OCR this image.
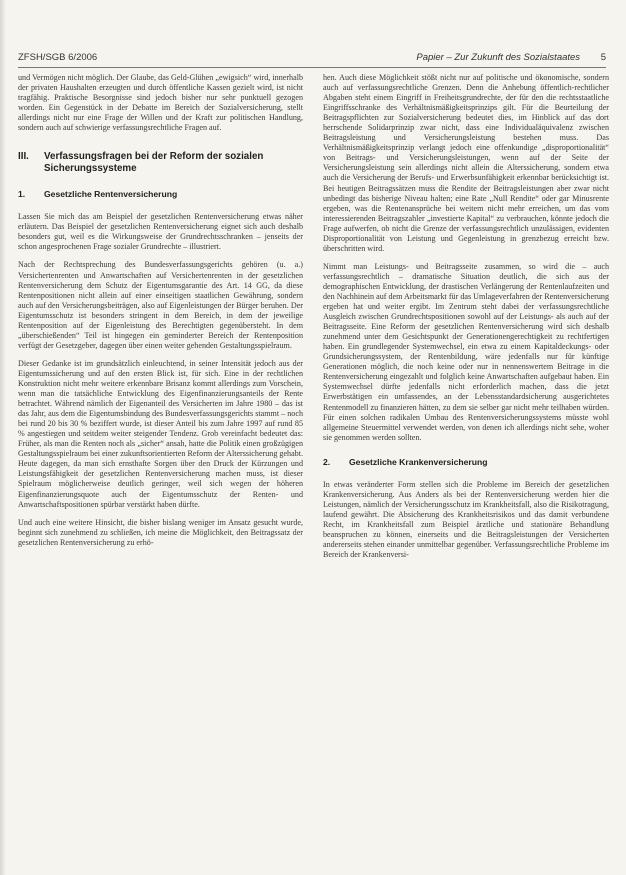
ZFSH/SGB 6/2006	Papier – Zur Zukunft des Sozialstaates 5

und Vermögen nicht möglich. Der Glaube, das Geld-Glühen „ewigsich“ wird, innerhalb der privaten Haushalten erzeugten und durch öffentliche Kassen gezielt wird, ist nicht tragfähig. Praktische Besorgnisse sind jedoch bisher nur sehr punktuell gezogen worden. Ein Gegenstück in der Debatte im Bereich der Sozialversicherung, stellt allerdings nicht nur eine Frage der Willen und der Kraft zur politischen Handlung, sondern auch auf schwierige verfassungsrechtliche Fragen auf.

III.	Verfassungsfragen bei der Reform der sozialen Sicherungssysteme
1.	Gesetzliche Rentenversicherung

Lassen Sie mich das am Beispiel der gesetzlichen Rentenversicherung etwas näher erläutern. Das Beispiel der gesetzlichen Rentenversicherung eignet sich auch deshalb besonders gut, weil es die Wirkungsweise der Grundrechtsschranken – jenseits der schon angesprochenen Frage sozialer Grundrechte – illustriert.

Nach der Rechtsprechung des Bundesverfassungsgerichts gehören (u. a.) Versichertenrenten und Anwartschaften auf Versichertenrenten in der gesetzlichen Rentenversicherung dem Schutz der Eigentumsgarantie des Art. 14 GG, da diese Rentenpositionen nicht allein auf einer einseitigen staatlichen Gewährung, sondern auch auf den Versicherungsbeiträgen, also auf Eigenleistungen der Bürger beruhen. Der Eigentumsschutz ist besonders stringent in dem Bereich, in dem der jeweilige Rentenposition auf der Eigenleistung des Berechtigten gegenübersteht. In dem „überschießenden“ Teil ist hingegen ein geminderter Bereich der Rentenposition verfügt der Gesetzgeber, dagegen über einen weiter gehenden Gestaltungsspielraum.

Dieser Gedanke ist im grundsätzlich einleuchtend, in seiner Intensität jedoch aus der Eigentumssicherung und auf den ersten Blick ist, für sich. Eine in der rechtlichen Konstruktion nicht mehr weitere erkennbare Brisanz kommt allerdings zum Vorschein, wenn man die tatsächliche Entwicklung des Eigenfinanzierungsanteils der Rente betrachtet. Während nämlich der Eigenanteil des Versicherten im Jahre 1980 – das ist das Jahr, aus dem die Eigentumsbindung des Bundesverfassungsgerichts stammt – noch bei rund 20 bis 30 % beziffert wurde, ist dieser Anteil bis zum Jahre 1997 auf rund 85 % angestiegen und seitdem weiter steigender Tendenz. Grob vereinfacht bedeutet das: Früher, als man die Renten noch als „sicher“ ansah, hatte die Politik einen großzügigen Gestaltungsspielraum bei einer zukunftsorientierten Reform der Alterssicherung gehabt. Heute dagegen, da man sich ernsthafte Sorgen über den Druck der Kürzungen und Leistungsfähigkeit der gesetzlichen Rentenversicherung machen muss, ist dieser Spielraum möglicherweise deutlich geringer, weil sich wegen der höheren Eigenfinanzierungsquote auch der Eigentumsschutz der Renten- und Anwartschaftspositionen spürbar verstärkt haben dürfte.

Und auch eine weitere Hinsicht, die bisher bislang weniger im Ansatz gesucht wurde, beginnt sich zunehmend zu schließen, ich meine die Möglichkeit, den Beitragssatz der gesetzlichen Rentenversicherung zu erhö-

hen. Auch diese Möglichkeit stößt nicht nur auf politische und ökonomische, sondern auch auf verfassungsrechtliche Grenzen. Denn die Anhebung öffentlich-rechtlicher Abgaben steht einem Eingriff in Freiheitsgrundrechte, der für den die rechtsstaatliche Eingriffsschranke des Verhältnismäßigkeitsprinzips gilt. Für die Beurteilung der Beitragspflichten zur Sozialversicherung bedeutet dies, im Hinblick auf das dort herrschende Solidarprinzip zwar nicht, dass eine Individualäquivalenz zwischen Beitragsleistung und Versicherungsleistung bestehen muss. Das Verhältnismäßigkeitsprinzip verlangt jedoch eine offenkundige „disproportionalität“ von Beitrags- und Versicherungsleistungen, wenn auf der Seite der Versicherungsleistung sein allerdings nicht allein die Alterssicherung, sondern etwa auch die Versicherung der Berufs- und Erwerbsunfähigkeit erkennbar berücksichtigt ist. Bei heutigen Beitragssätzen muss die Rendite der Beitragsleistungen aber zwar nicht unbedingt das bisherige Niveau halten; eine Rate „Null Rendite“ oder gar Minusrente ergeben, was die Rentenansprüche bei weitem nicht mehr erreichen, um das vom interessierenden Beitragszahler „investierte Kapital“ zu verbrauchen, könnte jedoch die Frage aufwerfen, ob nicht die Grenze der verfassungsrechtlich unzulässigen, evidenten Disproportionalität von Leistung und Gegenleistung in grenzbezug erreicht bzw. überschritten wird.

Nimmt man Leistungs- und Beitragsseite zusammen, so wird die – auch verfassungsrechtlich – dramatische Situation deutlich, die sich aus der demographischen Entwicklung, der drastischen Verlängerung der Rentenlaufzeiten und den Nachhinein auf dem Arbeitsmarkt für das Umlageverfahren der Rentenversicherung ergeben hat und weiter ergibt. Im Zentrum steht dabei der verfassungsrechtliche Ausgleich zwischen Grundrechtspositionen sowohl auf der Leistungs- als auch auf der Beitragsseite. Eine Reform der gesetzlichen Rentenversicherung wird sich deshalb zunehmend unter dem Gesichtspunkt der Generationengerechtigkeit zu rechtfertigen haben. Ein grundlegender Systemwechsel, ein etwa zu einem Kapitaldeckungs- oder Grundsicherungssystem, der Rentenbildung, wäre jedenfalls nur für künftige Generationen möglich, die noch keine oder nur in nennenswertem Beitrage in die Rentenversicherung eingezahlt und folglich keine Anwartschaften aufgebaut haben. Ein Systemwechsel dürfte jedenfalls nicht erforderlich machen, dass die jetzt Erwerbstätigen ein umfassendes, an der Lebensstandardsicherung ausgerichtetes Rentenmodell zu finanzieren hätten, zu dem sie selber gar nicht mehr teilhaben würden. Für einen solchen radikalen Umbau des Rentenversicherungssystems müsste wohl allgemeine Steuermittel verwendet werden, von denen ich allerdings nicht sehe, woher sie genommen werden sollten.

2.	Gesetzliche Krankenversicherung

In etwas veränderter Form stellen sich die Probleme im Bereich der gesetzlichen Krankenversicherung. Aus Anders als bei der Rentenversicherung werden hier die Leistungen, nämlich der Versicherungsschutz im Krankheitsfall, also die Risikotragung, laufend gewährt. Die Absicherung des Krankheitsrisikos und das damit verbundene Recht, im Krankheitsfall zum Beispiel ärztliche und stationäre Behandlung beanspruchen zu können, einerseits und die Beitragsleistungen der Versicherten andererseits stehen einander unmittelbar gegenüber. Verfassungsrechtliche Probleme im Bereich der Krankenversi-
